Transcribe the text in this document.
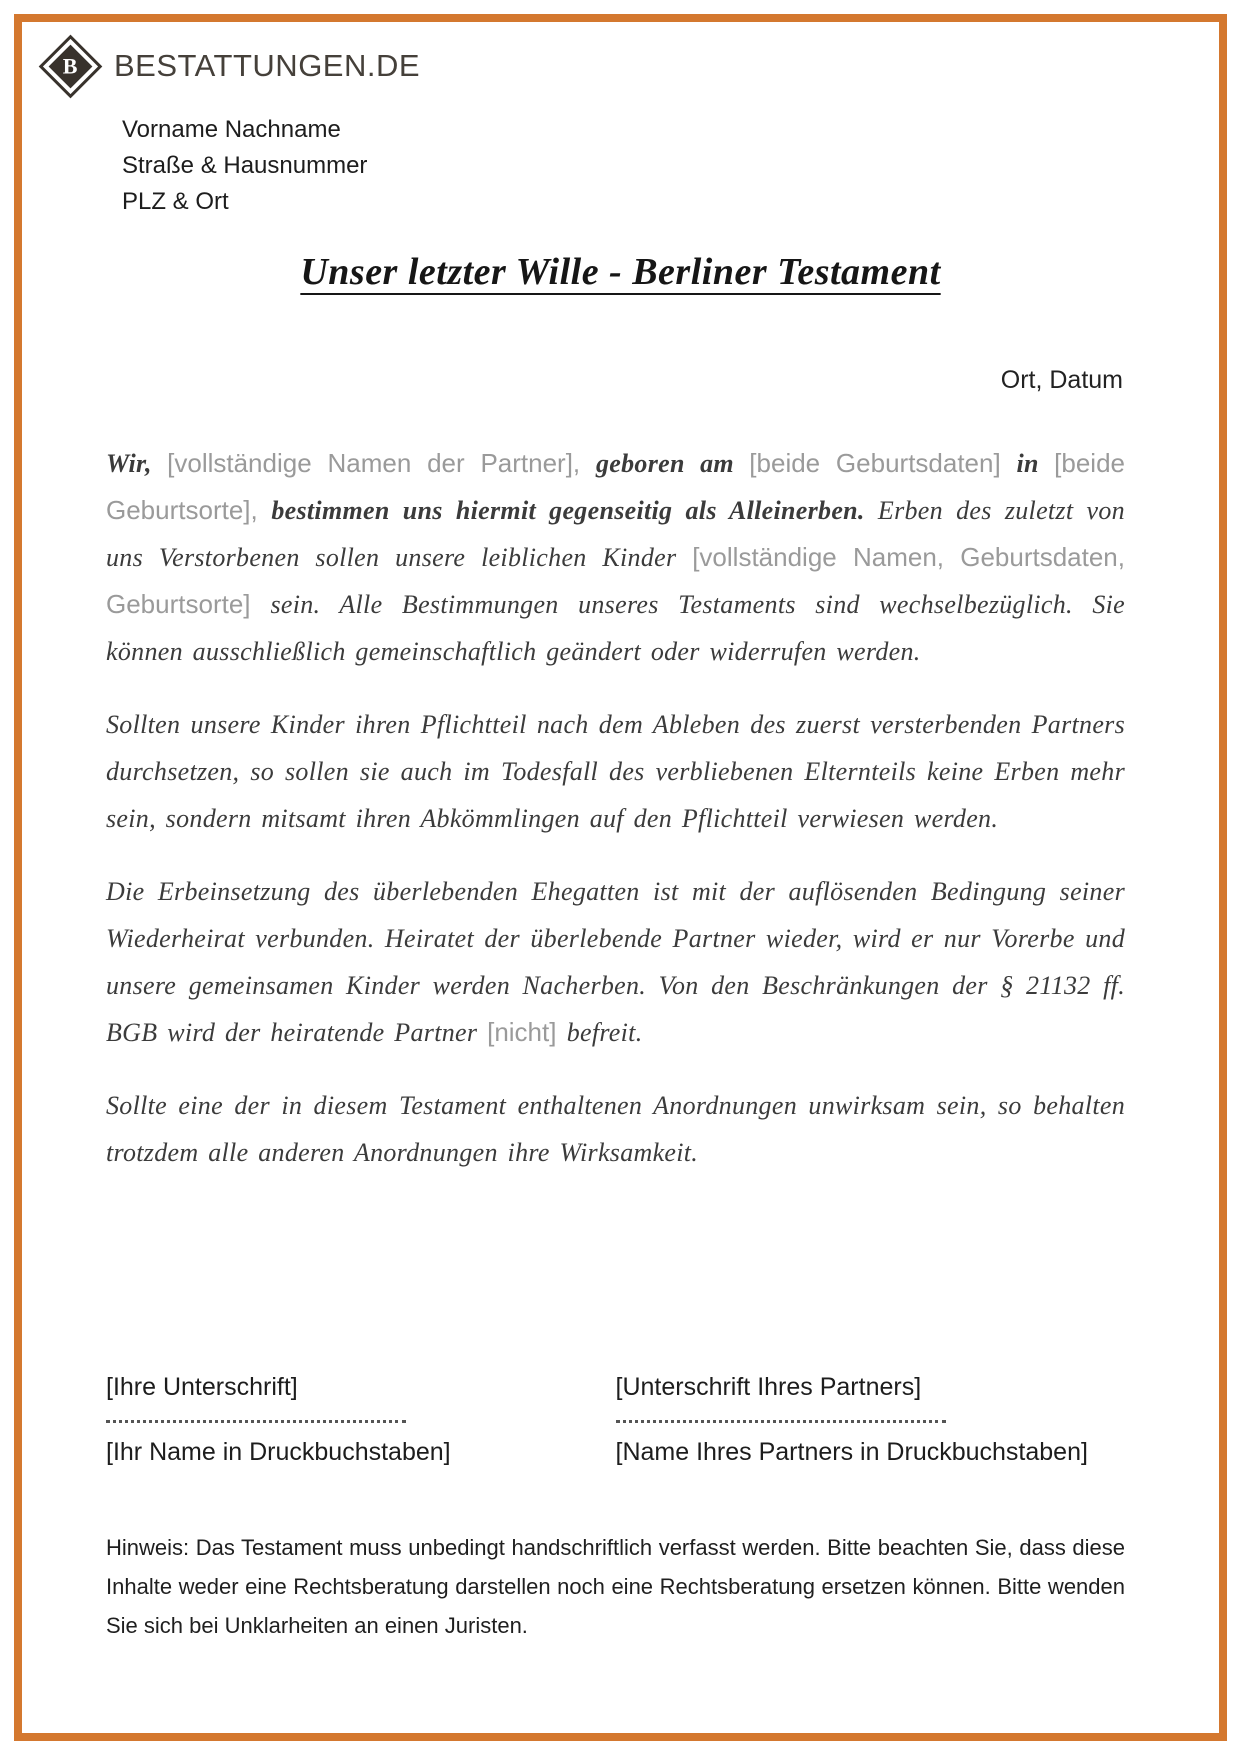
B BESTATTUNGEN.DE
Vorname Nachname
Straße & Hausnummer
PLZ & Ort
Unser letzter Wille - Berliner Testament
Ort, Datum

Wir, [vollständige Namen der Partner], geboren am [beide Geburtsdaten] in [beide Geburtsorte], bestimmen uns hiermit gegenseitig als Alleinerben. Erben des zuletzt von uns Verstorbenen sollen unsere leiblichen Kinder [vollständige Namen, Geburtsdaten, Geburtsorte] sein. Alle Bestimmungen unseres Testaments sind wechselbezüglich. Sie können ausschließlich gemeinschaftlich geändert oder widerrufen werden.

Sollten unsere Kinder ihren Pflichtteil nach dem Ableben des zuerst versterbenden Partners durchsetzen, so sollen sie auch im Todesfall des verbliebenen Elternteils keine Erben mehr sein, sondern mitsamt ihren Abkömmlingen auf den Pflichtteil verwiesen werden.

Die Erbeinsetzung des überlebenden Ehegatten ist mit der auflösenden Bedingung seiner Wiederheirat verbunden. Heiratet der überlebende Partner wieder, wird er nur Vorerbe und unsere gemeinsamen Kinder werden Nacherben. Von den Beschränkungen der § 21132 ff. BGB wird der heiratende Partner [nicht] befreit.

Sollte eine der in diesem Testament enthaltenen Anordnungen unwirksam sein, so behalten trotzdem alle anderen Anordnungen ihre Wirksamkeit.

[Ihre Unterschrift]
[Ihr Name in Druckbuchstaben]
[Unterschrift Ihres Partners]
[Name Ihres Partners in Druckbuchstaben]
Hinweis: Das Testament muss unbedingt handschriftlich verfasst werden. Bitte beachten Sie, dass diese Inhalte weder eine Rechtsberatung darstellen noch eine Rechtsberatung ersetzen können. Bitte wenden Sie sich bei Unklarheiten an einen Juristen.
